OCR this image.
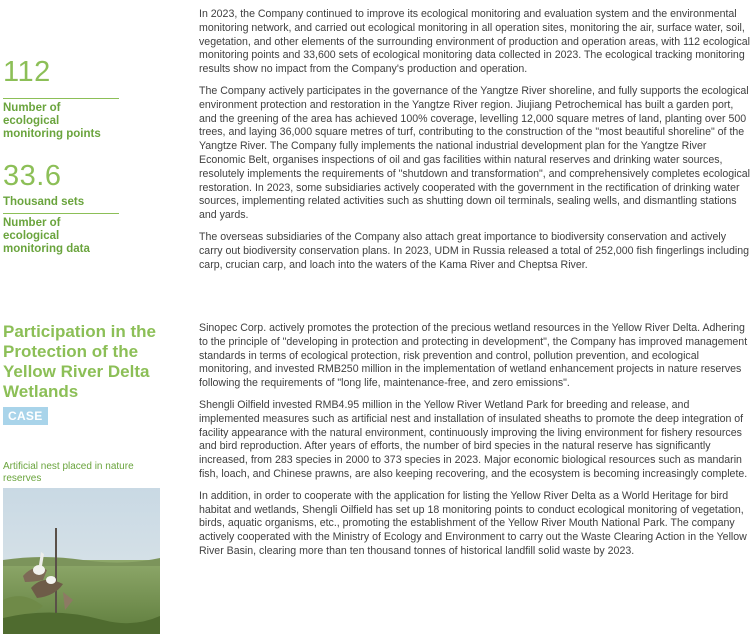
112
Number of ecological monitoring points
33.6
Thousand sets
Number of ecological monitoring data
Participation in the Protection of the Yellow River Delta Wetlands
CASE
Artificial nest placed in nature reserves

In 2023, the Company continued to improve its ecological monitoring and evaluation system and the environmental monitoring network, and carried out ecological monitoring in all operation sites, monitoring the air, surface water, soil, vegetation, and other elements of the surrounding environment of production and operation areas, with 112 ecological monitoring points and 33,600 sets of ecological monitoring data collected in 2023. The ecological tracking monitoring results show no impact from the Company's production and operation.

The Company actively participates in the governance of the Yangtze River shoreline, and fully supports the ecological environment protection and restoration in the Yangtze River region. Jiujiang Petrochemical has built a garden port, and the greening of the area has achieved 100% coverage, levelling 12,000 square metres of land, planting over 500 trees, and laying 36,000 square metres of turf, contributing to the construction of the "most beautiful shoreline" of the Yangtze River. The Company fully implements the national industrial development plan for the Yangtze River Economic Belt, organises inspections of oil and gas facilities within natural reserves and drinking water sources, resolutely implements the requirements of "shutdown and transformation", and comprehensively completes ecological restoration. In 2023, some subsidiaries actively cooperated with the government in the rectification of drinking water sources, implementing related activities such as shutting down oil terminals, sealing wells, and dismantling stations and yards.

The overseas subsidiaries of the Company also attach great importance to biodiversity conservation and actively carry out biodiversity conservation plans. In 2023, UDM in Russia released a total of 252,000 fish fingerlings including carp, crucian carp, and loach into the waters of the Kama River and Cheptsa River.

Sinopec Corp. actively promotes the protection of the precious wetland resources in the Yellow River Delta. Adhering to the principle of "developing in protection and protecting in development", the Company has improved management standards in terms of ecological protection, risk prevention and control, pollution prevention, and ecological monitoring, and invested RMB250 million in the implementation of wetland enhancement projects in nature reserves following the requirements of "long life, maintenance-free, and zero emissions".

Shengli Oilfield invested RMB4.95 million in the Yellow River Wetland Park for breeding and release, and implemented measures such as artificial nest and installation of insulated sheaths to promote the deep integration of facility appearance with the natural environment, continuously improving the living environment for fishery resources and bird reproduction. After years of efforts, the number of bird species in the natural reserve has significantly increased, from 283 species in 2000 to 373 species in 2023. Major economic biological resources such as mandarin fish, loach, and Chinese prawns, are also keeping recovering, and the ecosystem is becoming increasingly complete.

In addition, in order to cooperate with the application for listing the Yellow River Delta as a World Heritage for bird habitat and wetlands, Shengli Oilfield has set up 18 monitoring points to conduct ecological monitoring of vegetation, birds, aquatic organisms, etc., promoting the establishment of the Yellow River Mouth National Park. The company actively cooperated with the Ministry of Ecology and Environment to carry out the Waste Clearing Action in the Yellow River Basin, clearing more than ten thousand tonnes of historical landfill solid waste by 2023.
